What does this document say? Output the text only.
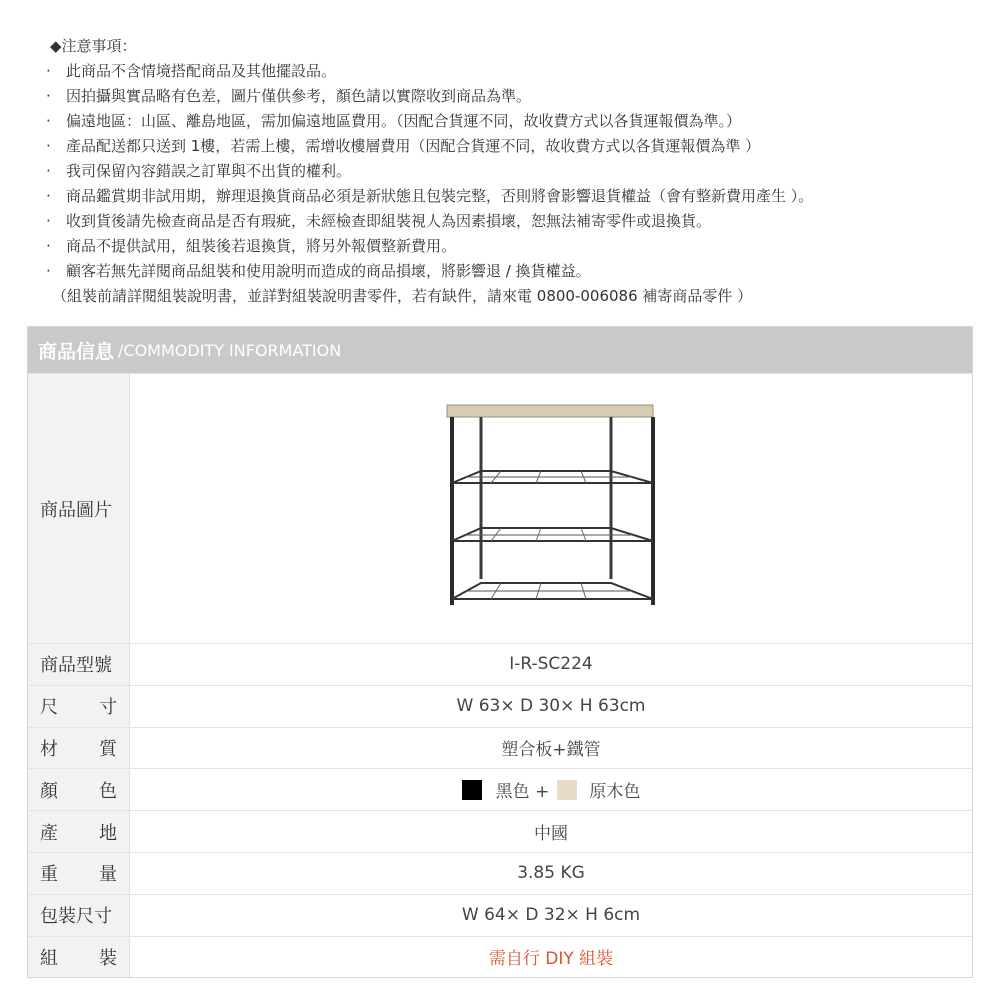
◆注意事項：
‧ 此商品不含情境搭配商品及其他擺設品。
‧ 因拍攝與實品略有色差，圖片僅供參考，顏色請以實際收到商品為準。
‧ 偏遠地區：山區、離島地區，需加偏遠地區費用。（因配合貨運不同，故收費方式以各貨運報價為準。）
‧ 產品配送都只送到 1樓，若需上樓，需增收樓層費用（因配合貨運不同，故收費方式以各貨運報價為準 ）
‧ 我司保留內容錯誤之訂單與不出貨的權利。
‧ 商品鑑賞期非試用期，辦理退換貨商品必須是新狀態且包裝完整，否則將會影響退貨權益（會有整新費用產生 ）。
‧ 收到貨後請先檢查商品是否有瑕疵，未經檢查即組裝視人為因素損壞，恕無法補寄零件或退換貨。
‧ 商品不提供試用，組裝後若退換貨，將另外報價整新費用。
‧ 顧客若無先詳閱商品組裝和使用說明而造成的商品損壞，將影響退 / 換貨權益。
（組裝前請詳閱組裝說明書，並詳對組裝說明書零件，若有缺件，請來電 0800-006086 補寄商品零件 ）
商品信息 /COMMODITY INFORMATION
商品圖片
商品型號	I-R-SC224
尺 寸	W 63× D 30× H 63cm
材 質	塑合板+鐵管
顏 色	黑色 + 原木色
產 地	中國
重 量	3.85 KG
包裝尺寸	W 64× D 32× H 6cm
組 裝	需自行 DIY 組裝
